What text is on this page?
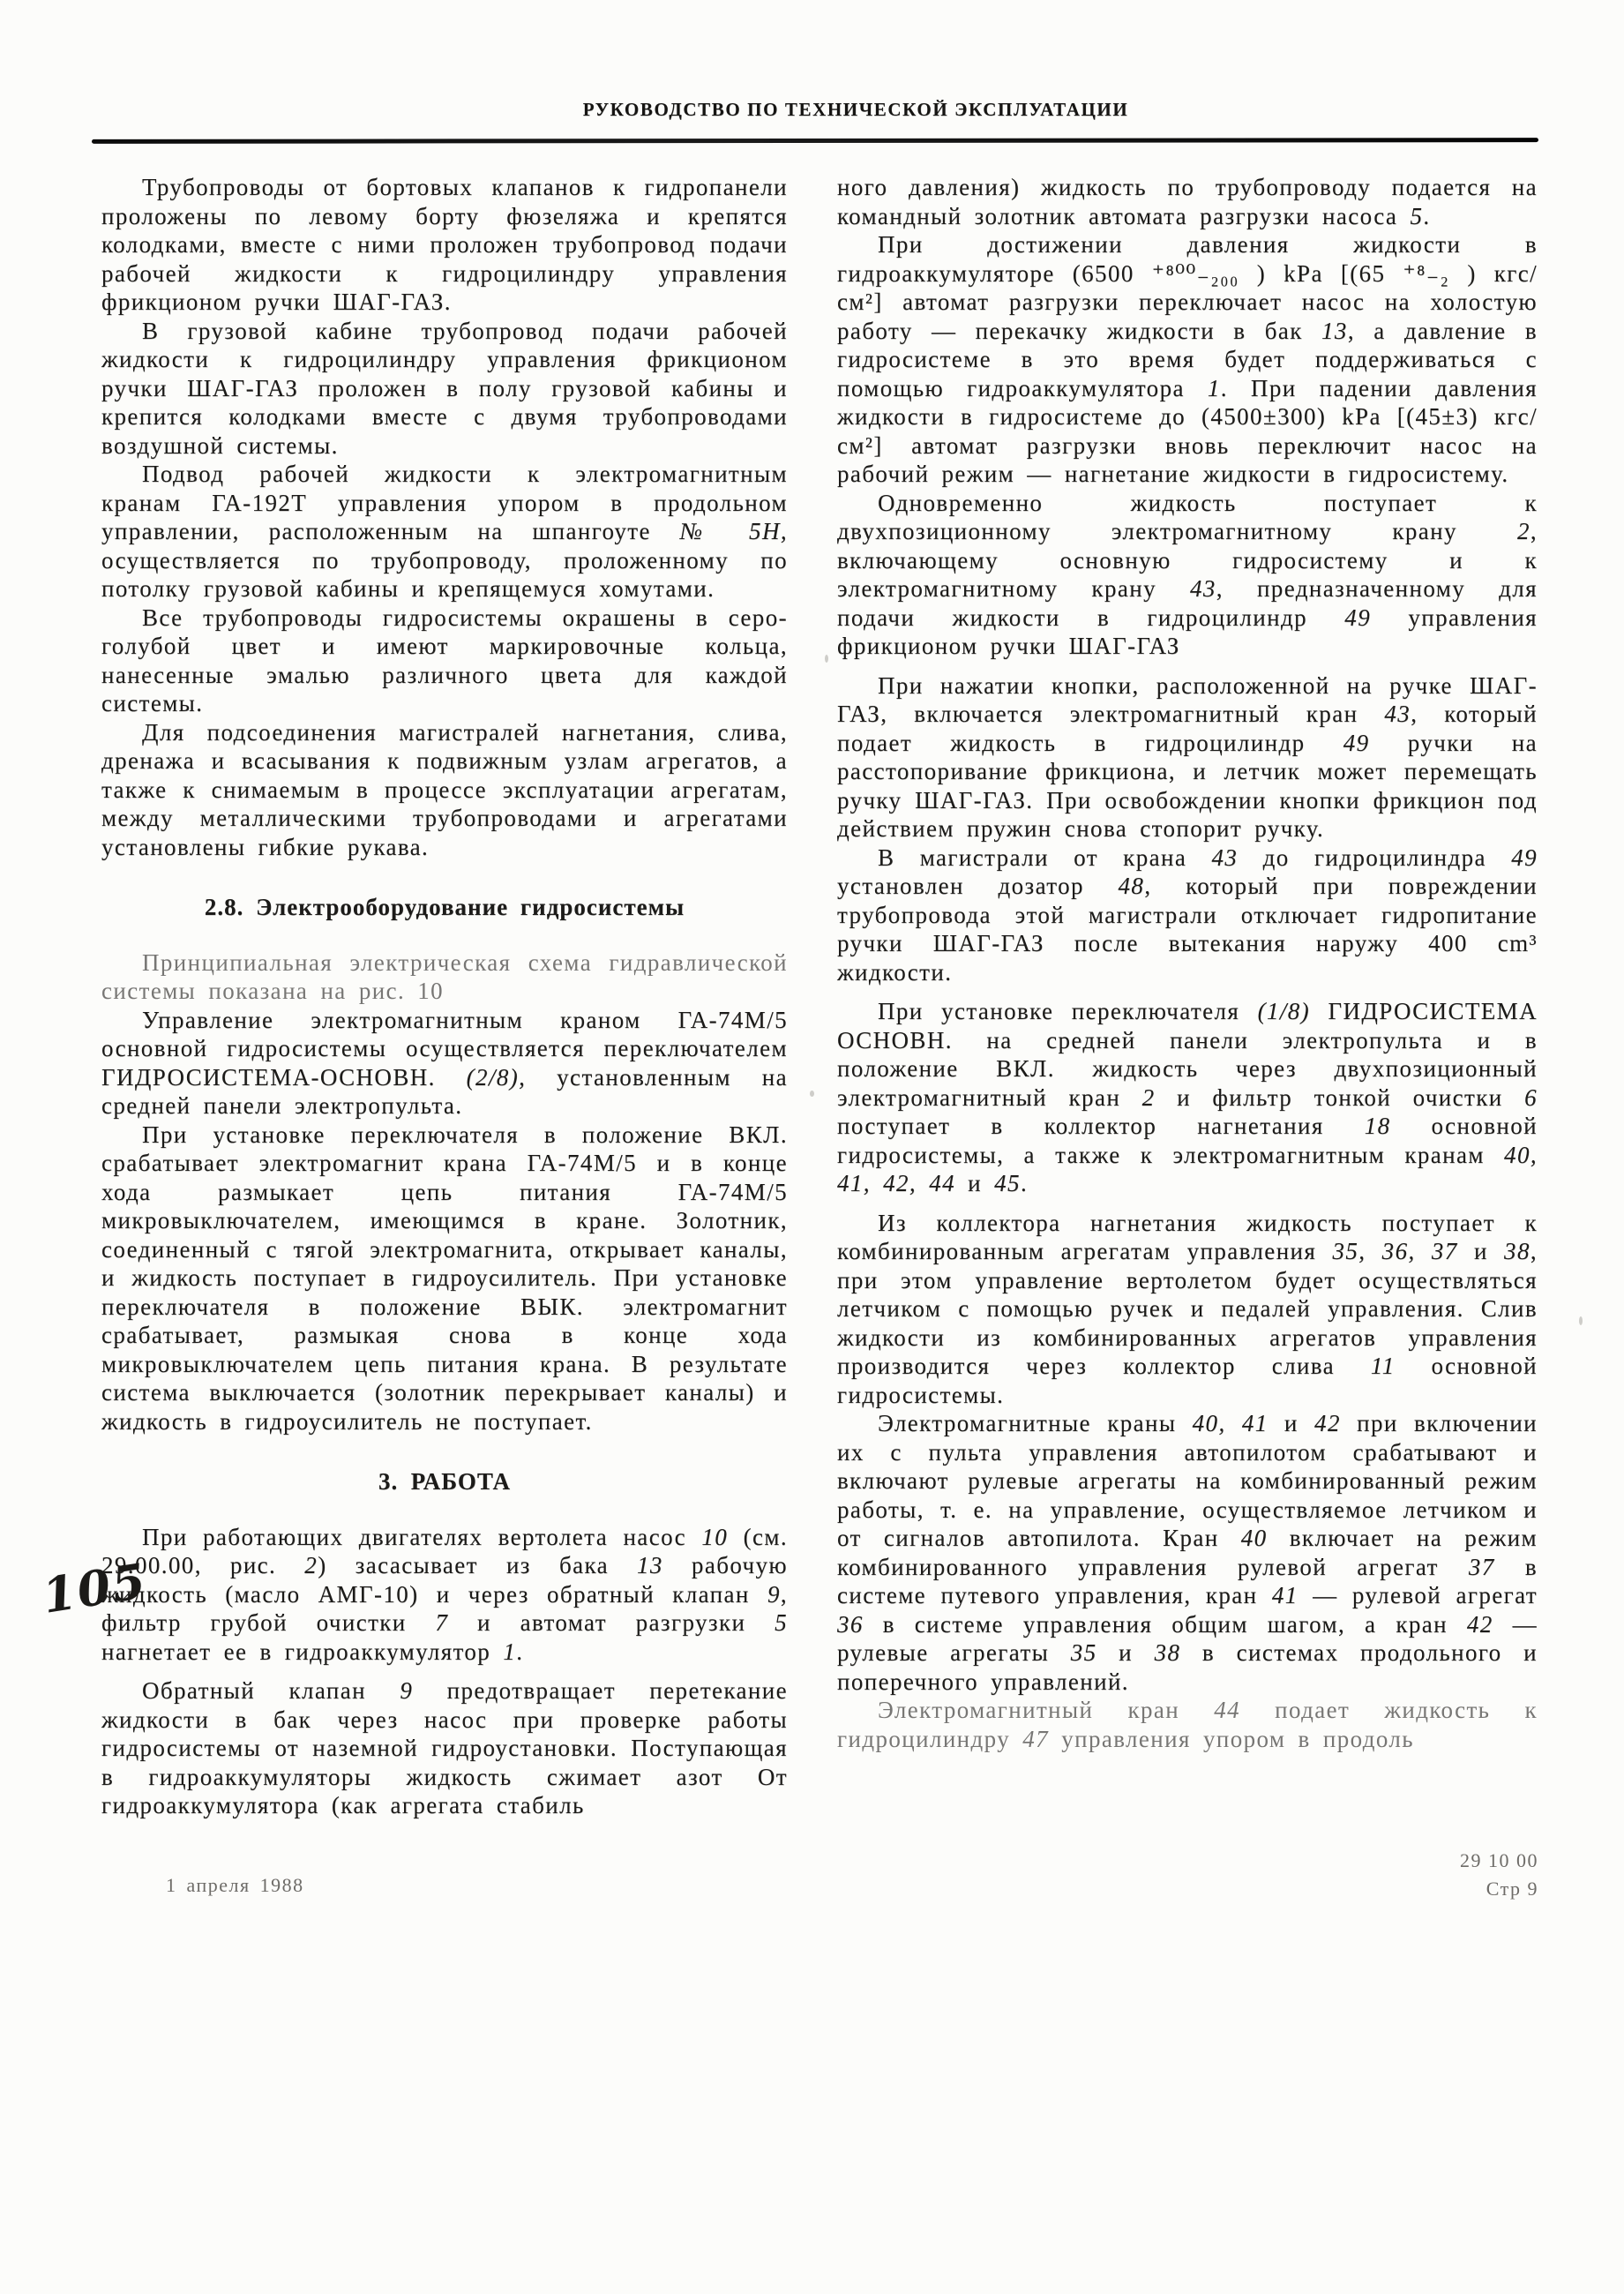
РУКОВОДСТВО ПО ТЕХНИЧЕСКОЙ ЭКСПЛУАТАЦИИ

Трубопроводы от бортовых клапанов к гидропанели проложены по левому борту фюзеляжа и крепятся колодками, вместе с ними проложен трубопровод подачи рабочей жидкости к гидроцилиндру управления фрикционом ручки ШАГ-ГАЗ.

В грузовой кабине трубопровод подачи рабочей жидкости к гидроцилиндру управления фрикционом ручки ШАГ-ГАЗ проложен в полу грузовой кабины и крепится колодками вместе с двумя трубопроводами воздушной системы.

Подвод рабочей жидкости к электромагнитным кранам ГА-192Т управления упором в продольном управлении, расположенным на шпангоуте № 5Н, осуществляется по трубопроводу, проложенному по потолку грузовой кабины и крепящемуся хомутами.

Все трубопроводы гидросистемы окрашены в серо-голубой цвет и имеют маркировочные кольца, нанесенные эмалью различного цвета для каждой системы.

Для подсоединения магистралей нагнетания, слива, дренажа и всасывания к подвижным узлам агрегатов, а также к снимаемым в процессе эксплуатации агрегатам, между металлическими трубопроводами и агрегатами установлены гибкие рукава.

2.8. Электрооборудование гидросистемы

Принципиальная электрическая схема гидравлической системы показана на рис. 10

Управление электромагнитным краном ГА-74М/5 основной гидросистемы осуществляется переключателем ГИДРОСИСТЕМА-ОСНОВН. (2/8), установленным на средней панели электропульта.

При установке переключателя в положение ВКЛ. срабатывает электромагнит крана ГА-74М/5 и в конце хода размыкает цепь питания ГА-74М/5 микровыключателем, имеющимся в кране. Золотник, соединенный с тягой электромагнита, открывает каналы, и жидкость поступает в гидроусилитель. При установке переключателя в положение ВЫК. электромагнит срабатывает, размыкая снова в конце хода микровыключателем цепь питания крана. В результате система выключается (золотник перекрывает каналы) и жидкость в гидроусилитель не поступает.

3. РАБОТА

При работающих двигателях вертолета насос 10 (см. 29.00.00, рис. 2) засасывает из бака 13 рабочую жидкость (масло АМГ-10) и через обратный клапан 9, фильтр грубой очистки 7 и автомат разгрузки 5 нагнетает ее в гидроаккумулятор 1.

Обратный клапан 9 предотвращает перетекание жидкости в бак через насос при проверке работы гидросистемы от наземной гидроустановки. Поступающая в гидроаккумуляторы жидкость сжимает азот От гидроаккумулятора (как агрегата стабиль

ного давления) жидкость по трубопроводу подается на командный золотник автомата разгрузки насоса 5.

При достижении давления жидкости в гидроаккумуляторе (6500 ⁺⁸⁰⁰₋₂₀₀ ) kPa [(65 ⁺⁸₋₂ ) кгс/см²] автомат разгрузки переключает насос на холостую работу — перекачку жидкости в бак 13, а давление в гидросистеме в это время будет поддерживаться с помощью гидроаккумулятора 1. При падении давления жидкости в гидросистеме до (4500±300) kPa [(45±3) кгс/см²] автомат разгрузки вновь переключит насос на рабочий режим — нагнетание жидкости в гидросистему.

Одновременно жидкость поступает к двухпозиционному электромагнитному крану 2, включающему основную гидросистему и к электромагнитному крану 43, предназначенному для подачи жидкости в гидроцилиндр 49 управления фрикционом ручки ШАГ-ГАЗ

При нажатии кнопки, расположенной на ручке ШАГ-ГАЗ, включается электромагнитный кран 43, который подает жидкость в гидроцилиндр 49 ручки на расстопоривание фрикциона, и летчик может перемещать ручку ШАГ-ГАЗ. При освобождении кнопки фрикцион под действием пружин снова стопорит ручку.

В магистрали от крана 43 до гидроцилиндра 49 установлен дозатор 48, который при повреждении трубопровода этой магистрали отключает гидропитание ручки ШАГ-ГАЗ после вытекания наружу 400 cm³ жидкости.

При установке переключателя (1/8) ГИДРОСИСТЕМА ОСНОВН. на средней панели электропульта и в положение ВКЛ. жидкость через двухпозиционный электромагнитный кран 2 и фильтр тонкой очистки 6 поступает в коллектор нагнетания 18 основной гидросистемы, а также к электромагнитным кранам 40, 41, 42, 44 и 45.

Из коллектора нагнетания жидкость поступает к комбинированным агрегатам управления 35, 36, 37 и 38, при этом управление вертолетом будет осуществляться летчиком с помощью ручек и педалей управления. Слив жидкости из комбинированных агрегатов управления производится через коллектор слива 11 основной гидросистемы.

Электромагнитные краны 40, 41 и 42 при включении их с пульта управления автопилотом срабатывают и включают рулевые агрегаты на комбинированный режим работы, т. е. на управление, осуществляемое летчиком и от сигналов автопилота. Кран 40 включает на режим комбинированного управления рулевой агрегат 37 в системе путевого управления, кран 41 — рулевой агрегат 36 в системе управления общим шагом, а кран 42 — рулевые агрегаты 35 и 38 в системах продольного и поперечного управлений.

Электромагнитный кран 44 подает жидкость к гидроцилиндру 47 управления упором в продоль

105
1 апреля 1988
29 10 00
Стр 9
